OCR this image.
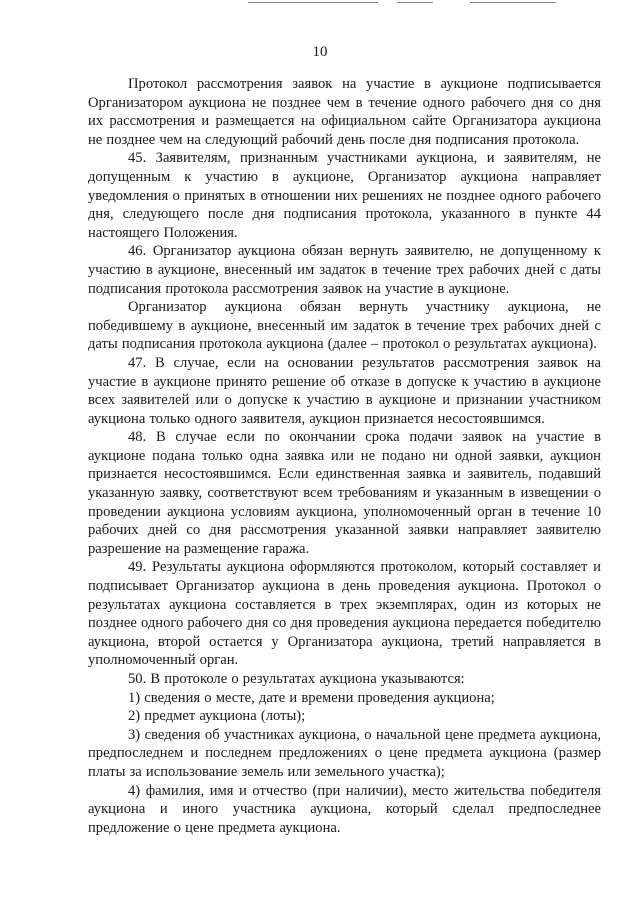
10

Протокол рассмотрения заявок на участие в аукционе подписывается Организатором аукциона не позднее чем в течение одного рабочего дня со дня их рассмотрения и размещается на официальном сайте Организатора аукциона не позднее чем на следующий рабочий день после дня подписания протокола.

45. Заявителям, признанным участниками аукциона, и заявителям, не допущенным к участию в аукционе, Организатор аукциона направляет уведомления о принятых в отношении них решениях не позднее одного рабочего дня, следующего после дня подписания протокола, указанного в пункте 44 настоящего Положения.

46. Организатор аукциона обязан вернуть заявителю, не допущенному к участию в аукционе, внесенный им задаток в течение трех рабочих дней с даты подписания протокола рассмотрения заявок на участие в аукционе.

Организатор аукциона обязан вернуть участнику аукциона, не победившему в аукционе, внесенный им задаток в течение трех рабочих дней с даты подписания протокола аукциона (далее – протокол о результатах аукциона).

47. В случае, если на основании результатов рассмотрения заявок на участие в аукционе принято решение об отказе в допуске к участию в аукционе всех заявителей или о допуске к участию в аукционе и признании участником аукциона только одного заявителя, аукцион признается несостоявшимся.

48. В случае если по окончании срока подачи заявок на участие в аукционе подана только одна заявка или не подано ни одной заявки, аукцион признается несостоявшимся. Если единственная заявка и заявитель, подавший указанную заявку, соответствуют всем требованиям и указанным в извещении о проведении аукциона условиям аукциона, уполномоченный орган в течение 10 рабочих дней со дня рассмотрения указанной заявки направляет заявителю разрешение на размещение гаража.

49. Результаты аукциона оформляются протоколом, который составляет и подписывает Организатор аукциона в день проведения аукциона. Протокол о результатах аукциона составляется в трех экземплярах, один из которых не позднее одного рабочего дня со дня проведения аукциона передается победителю аукциона, второй остается у Организатора аукциона, третий направляется в уполномоченный орган.

50. В протоколе о результатах аукциона указываются:

1) сведения о месте, дате и времени проведения аукциона;

2) предмет аукциона (лоты);

3) сведения об участниках аукциона, о начальной цене предмета аукциона, предпоследнем и последнем предложениях о цене предмета аукциона (размер платы за использование земель или земельного участка);

4) фамилия, имя и отчество (при наличии), место жительства победителя аукциона и иного участника аукциона, который сделал предпоследнее предложение о цене предмета аукциона.
